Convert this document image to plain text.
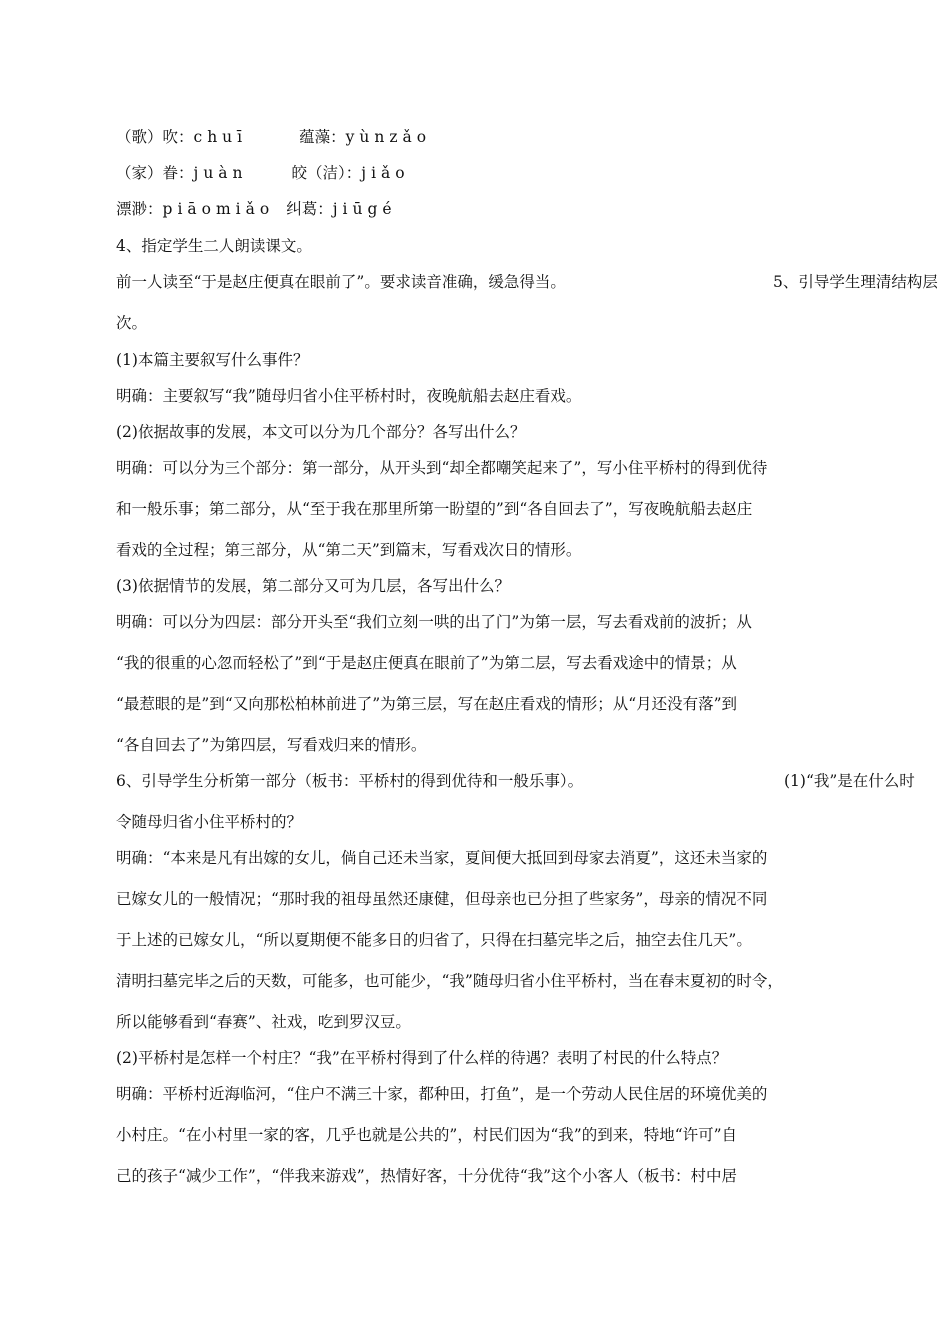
（歌）吹：chuī	蕴藻：yùnzǎo
（家）眷：juàn	皎（洁）：jiǎo
漂渺：piāomiǎo 纠葛：jiūgé
4、指定学生二人朗读课文。
前一人读至“于是赵庄便真在眼前了”。要求读音准确，缓急得当。	5、引导学生理清结构层
次。
(1)本篇主要叙写什么事件？
明确：主要叙写“我”随母归省小住平桥村时，夜晚航船去赵庄看戏。
(2)依据故事的发展，本文可以分为几个部分？各写出什么？
明确：可以分为三个部分：第一部分，从开头到“却全都嘲笑起来了”，写小住平桥村的得到优待
和一般乐事；第二部分，从“至于我在那里所第一盼望的”到“各自回去了”，写夜晚航船去赵庄
看戏的全过程；第三部分，从“第二天”到篇末，写看戏次日的情形。
(3)依据情节的发展，第二部分又可为几层，各写出什么？
明确：可以分为四层：部分开头至“我们立刻一哄的出了门”为第一层，写去看戏前的波折；从
“我的很重的心忽而轻松了”到“于是赵庄便真在眼前了”为第二层，写去看戏途中的情景；从
“最惹眼的是”到“又向那松柏林前进了”为第三层，写在赵庄看戏的情形；从“月还没有落”到
“各自回去了”为第四层，写看戏归来的情形。
6、引导学生分析第一部分（板书：平桥村的得到优待和一般乐事）。	(1)“我”是在什么时
令随母归省小住平桥村的？
明确：“本来是凡有出嫁的女儿，倘自己还未当家，夏间便大抵回到母家去消夏”，这还未当家的
已嫁女儿的一般情况；“那时我的祖母虽然还康健，但母亲也已分担了些家务”，母亲的情况不同
于上述的已嫁女儿，“所以夏期便不能多日的归省了，只得在扫墓完毕之后，抽空去住几天”。
清明扫墓完毕之后的天数，可能多，也可能少，“我”随母归省小住平桥村，当在春末夏初的时令，
所以能够看到“春赛”、社戏，吃到罗汉豆。
(2)平桥村是怎样一个村庄？“我”在平桥村得到了什么样的待遇？表明了村民的什么特点？
明确：平桥村近海临河，“住户不满三十家，都种田，打鱼”，是一个劳动人民住居的环境优美的
小村庄。“在小村里一家的客，几乎也就是公共的”，村民们因为“我”的到来，特地“许可”自
己的孩子“减少工作”，“伴我来游戏”，热情好客，十分优待“我”这个小客人（板书：村中居
